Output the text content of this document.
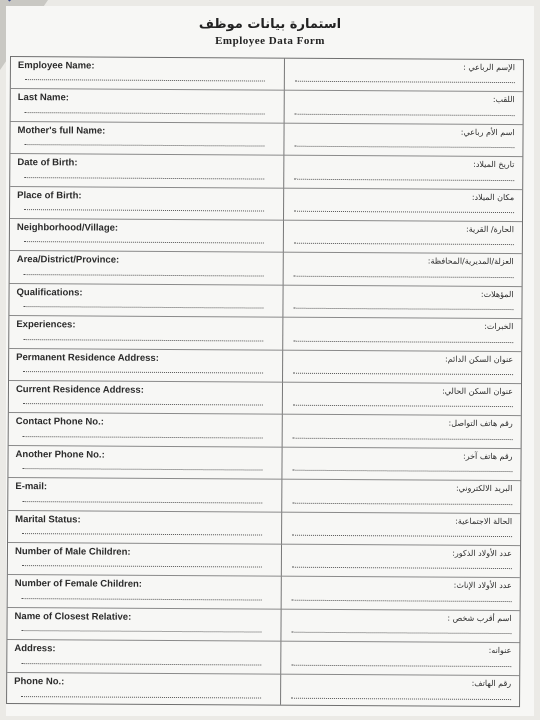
استمارة بيانات موظف
Employee Data Form
Employee Name:	الإسم الرباعي :
Last Name:	اللقب:
Mother's full Name:	اسم الأم رباعي:
Date of Birth:	تاريخ الميلاد:
Place of Birth:	مكان الميلاد:
Neighborhood/Village:	الحارة/ القرية:
Area/District/Province:	العزلة/المديرية/المحافظة:
Qualifications:	المؤهلات:
Experiences:	الخبرات:
Permanent Residence Address:	عنوان السكن الدائم:
Current Residence Address:	عنوان السكن الحالي:
Contact Phone No.:	رقم هاتف التواصل:
Another Phone No.:	رقم هاتف آخر:
E-mail:	البريد الالكتروني:
Marital Status:	الحالة الاجتماعية:
Number of Male Children:	عدد الأولاد الذكور:
Number of Female Children:	عدد الأولاد الإناث:
Name of Closest Relative:	اسم أقرب شخص :
Address:	عنوانه:
Phone No.:	رقم الهاتف:
